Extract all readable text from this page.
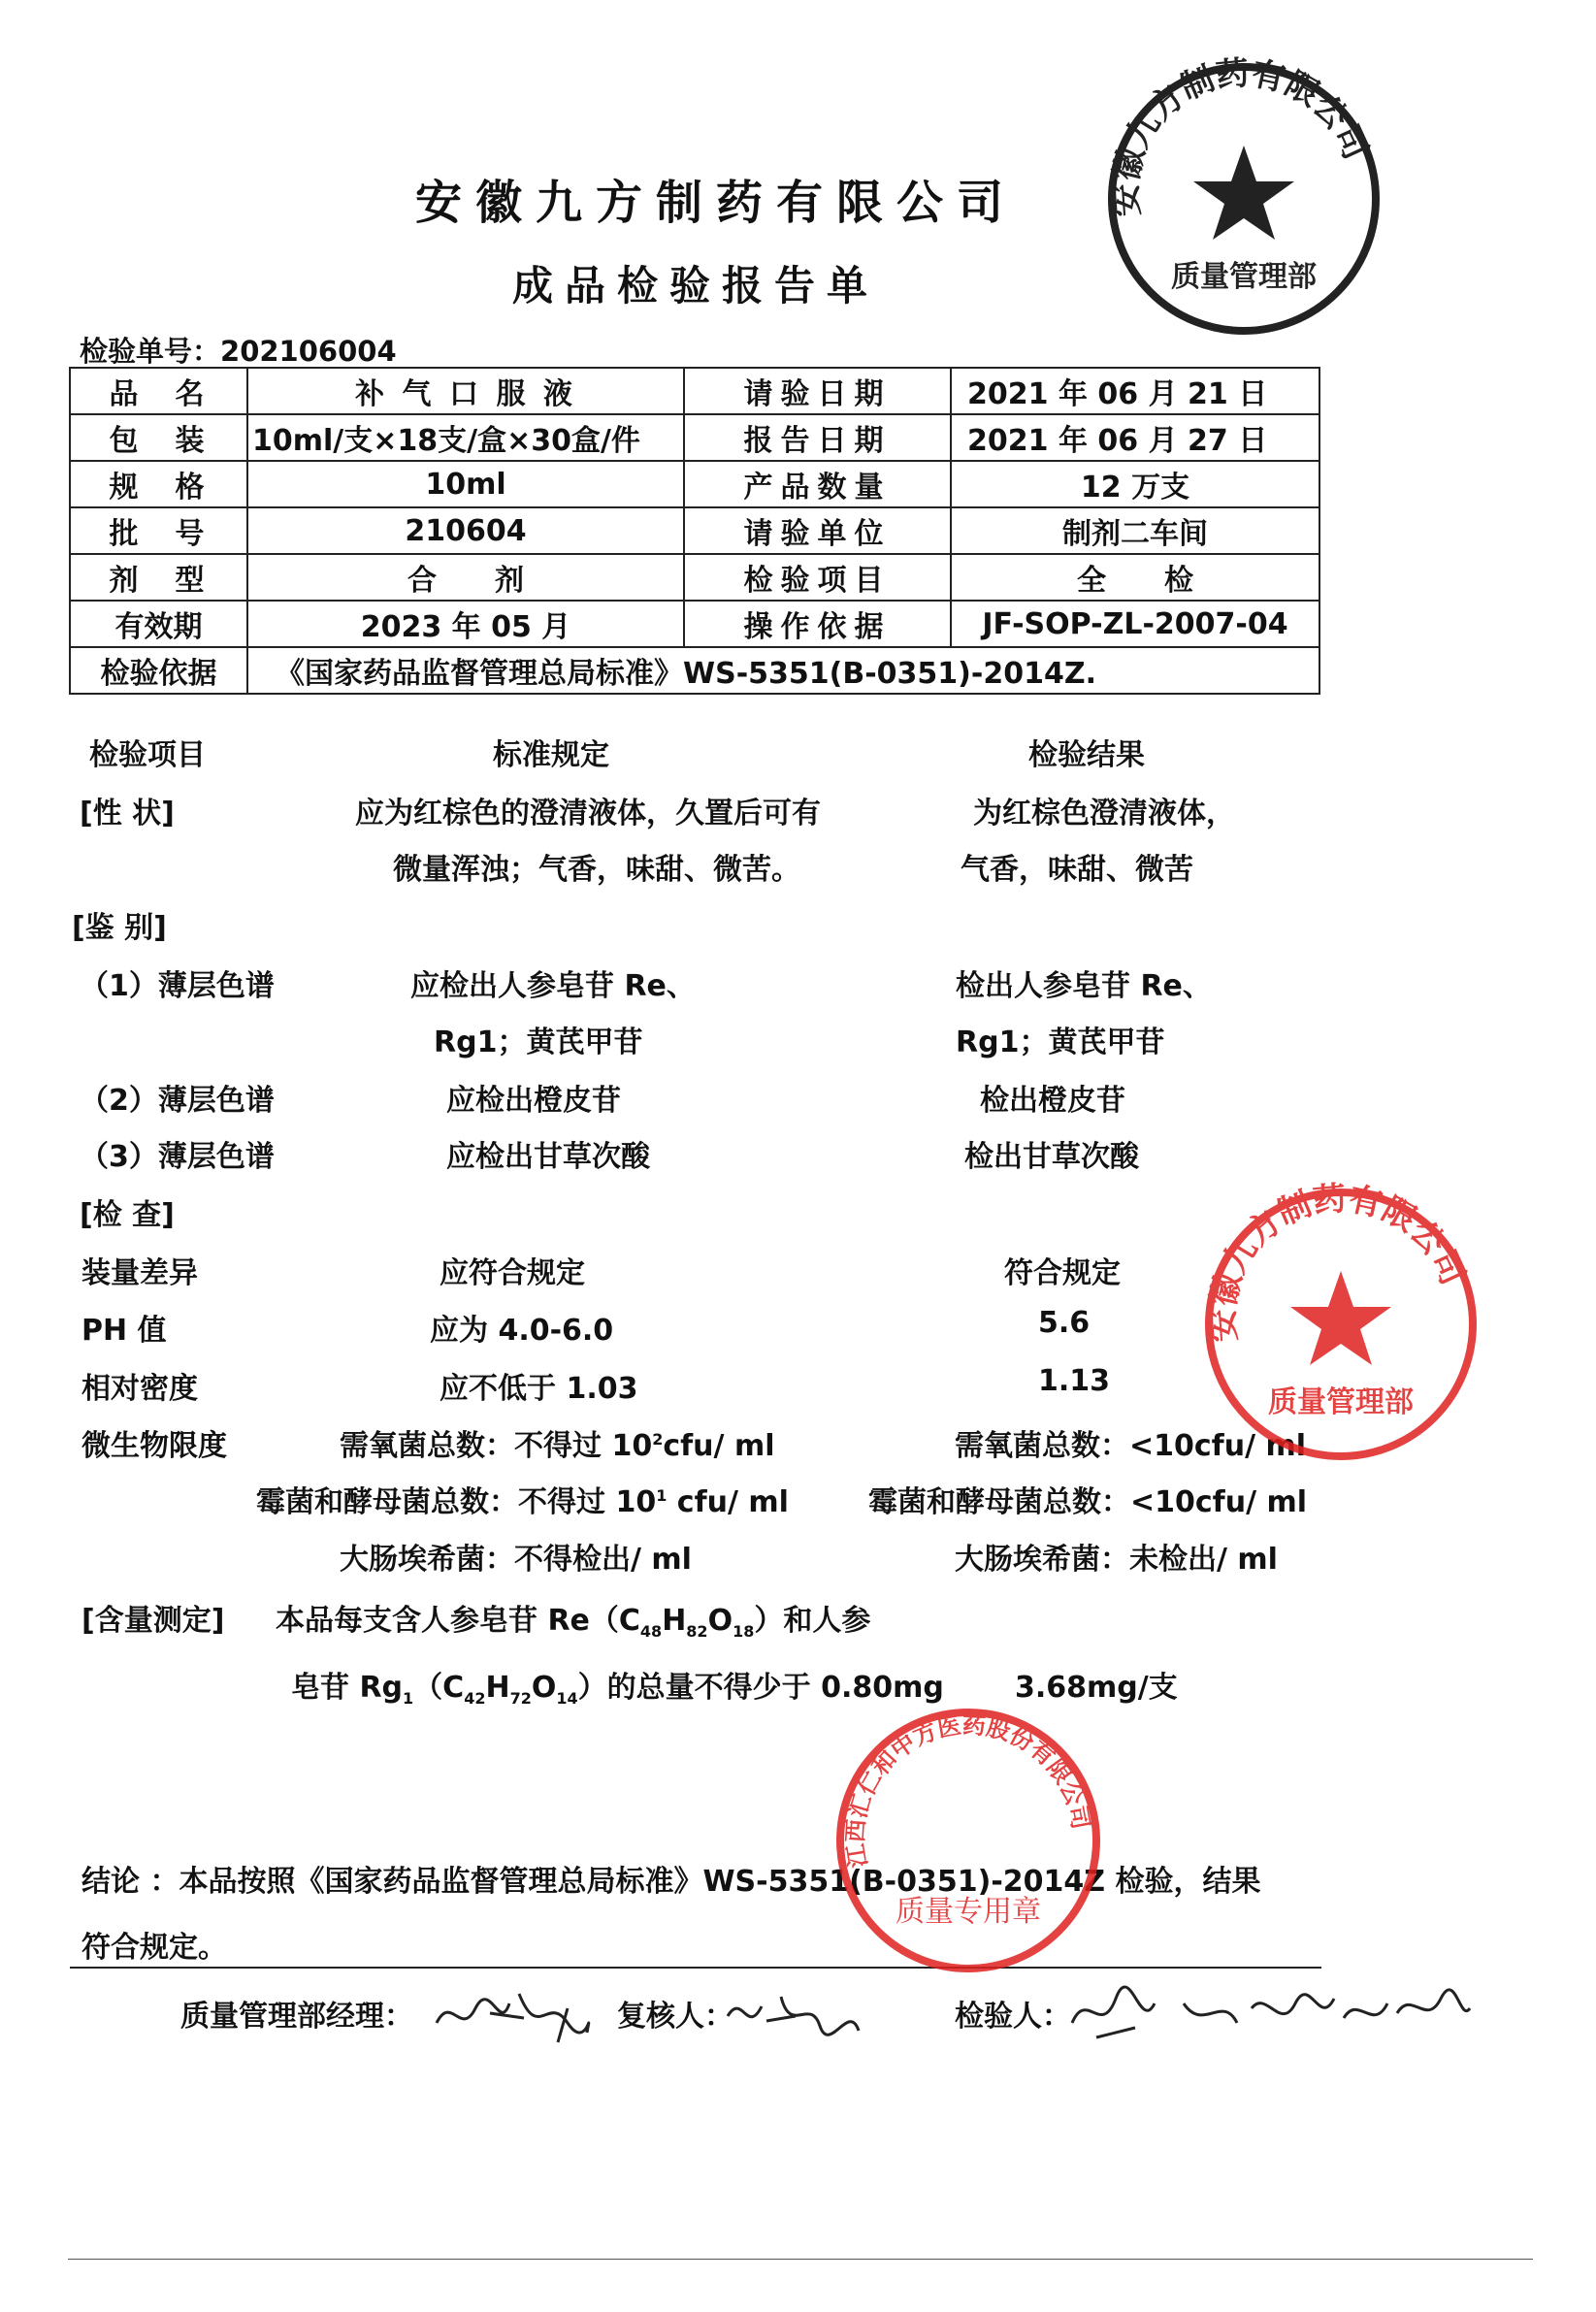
安徽九方制药有限公司
成品检验报告单
检验单号：202106004
品　名	补 气 口 服 液	请验日期	2021 年 06 月 21 日
包　装	10ml/支×18支/盒×30盒/件	报告日期	2021 年 06 月 27 日
规　格	10ml	产品数量	12 万支
批　号	210604	请验单位	制剂二车间
剂　型	合　　剂	检验项目	全　　检
有效期	2023 年 05 月	操作依据	JF-SOP-ZL-2007-04
检验依据	《国家药品监督管理总局标准》WS-5351(B-0351)-2014Z.		
检验项目	标准规定	检验结果
[性 状]	应为红棕色的澄清液体，久置后可有	为红棕色澄清液体，
微量浑浊；气香，味甜、微苦。	气香，味甜、微苦
[鉴 别]
（1）薄层色谱	应检出人参皂苷 Re、	检出人参皂苷 Re、
Rg1；黄芪甲苷	Rg1；黄芪甲苷
（2）薄层色谱	应检出橙皮苷	检出橙皮苷
（3）薄层色谱	应检出甘草次酸	检出甘草次酸
[检 查]
装量差异	应符合规定	符合规定
PH 值	应为 4.0-6.0	5.6
相对密度	应不低于 1.03	1.13
微生物限度	需氧菌总数：不得过 $10^2cfu/$ ml	需氧菌总数：<10cfu/ ml
霉菌和酵母菌总数：不得过 $10^1$ cfu/ ml	霉菌和酵母菌总数：<10cfu/ ml
大肠埃希菌：不得检出/ ml	大肠埃希菌：未检出/ ml
[含量测定] 本品每支含人参皂苷 $Re(C_{48}H_{82}O_{18})$和人参
皂苷 $Rg_1(C_{42}H_{72}O_{14})$的总量不得少于 0.80mg 3.68mg/支
结论 ：本品按照《国家药品监督管理总局标准》WS-5351(B-0351)-2014Z 检验，结果
符合规定。
质量管理部经理：	复核人：	检验人：
安徽九方制药有限公司
质量管理部
安徽九方制药有限公司
质量管理部
江西汇仁和中方医药股份有限公司
质量专用章
